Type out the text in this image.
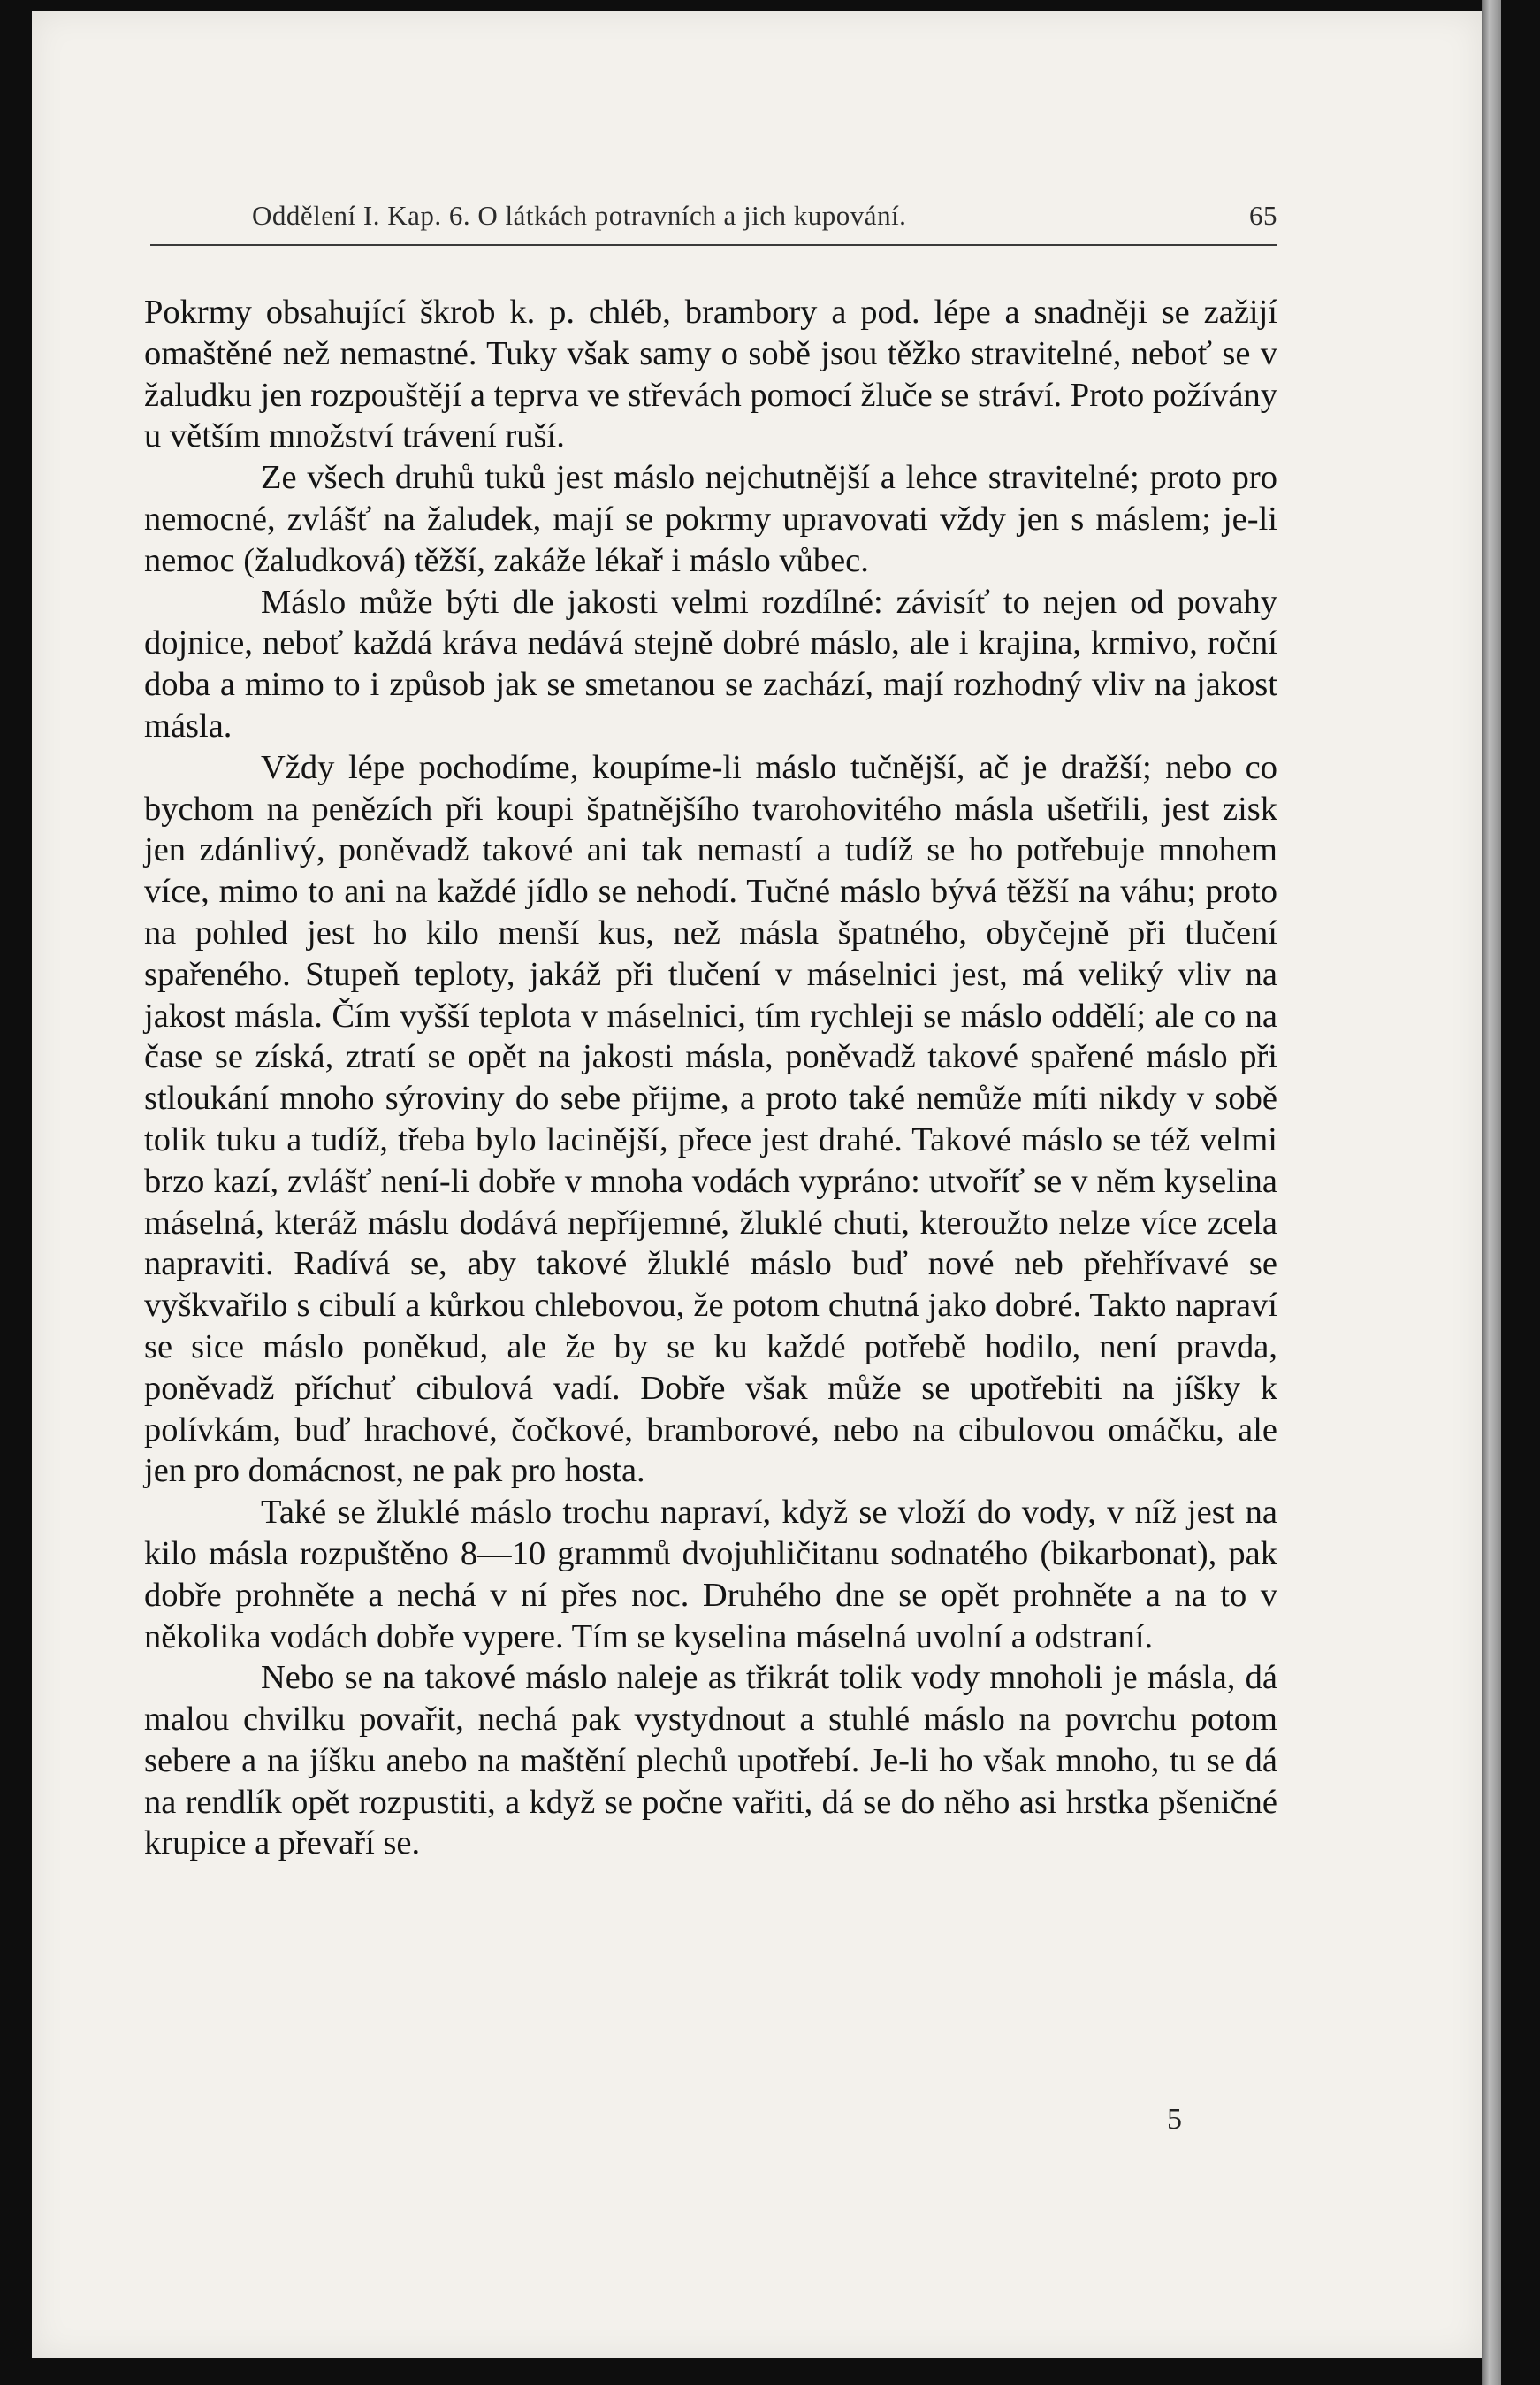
Oddělení I. Kap. 6. O látkách potravních a jich kupování.	65

Pokrmy obsahující škrob k. p. chléb, brambory a pod. lépe a snadněji se zažijí omaštěné než nemastné. Tuky však samy o sobě jsou těžko stravitelné, neboť se v žaludku jen rozpouštějí a teprva ve střevách pomocí žluče se stráví. Proto požívány u větším množství trávení ruší.

Ze všech druhů tuků jest máslo nejchutnější a lehce stravitelné; proto pro nemocné, zvlášť na žaludek, mají se pokrmy upravovati vždy jen s máslem; je-li nemoc (žaludková) těžší, zakáže lékař i máslo vůbec.

Máslo může býti dle jakosti velmi rozdílné: závisíť to nejen od povahy dojnice, neboť každá kráva nedává stejně dobré máslo, ale i krajina, krmivo, roční doba a mimo to i způsob jak se smetanou se zachází, mají rozhodný vliv na jakost másla.

Vždy lépe pochodíme, koupíme-li máslo tučnější, ač je dražší; nebo co bychom na penězích při koupi špatnějšího tvarohovitého másla ušetřili, jest zisk jen zdánlivý, poněvadž takové ani tak nemastí a tudíž se ho potřebuje mnohem více, mimo to ani na každé jídlo se nehodí. Tučné máslo bývá těžší na váhu; proto na pohled jest ho kilo menší kus, než másla špatného, obyčejně při tlučení spařeného. Stupeň teploty, jakáž při tlučení v máselnici jest, má veliký vliv na jakost másla. Čím vyšší teplota v máselnici, tím rychleji se máslo oddělí; ale co na čase se získá, ztratí se opět na jakosti másla, poněvadž takové spařené máslo při stloukání mnoho sýroviny do sebe přijme, a proto také nemůže míti nikdy v sobě tolik tuku a tudíž, třeba bylo lacinější, přece jest drahé. Takové máslo se též velmi brzo kazí, zvlášť není-li dobře v mnoha vodách vypráno: utvoříť se v něm kyselina máselná, kteráž máslu dodává nepříjemné, žluklé chuti, kteroužto nelze více zcela napraviti. Radívá se, aby takové žluklé máslo buď nové neb přehřívavé se vyškvařilo s cibulí a kůrkou chlebovou, že potom chutná jako dobré. Takto napraví se sice máslo poněkud, ale že by se ku každé potřebě hodilo, není pravda, poněvadž příchuť cibulová vadí. Dobře však může se upotřebiti na jíšky k polívkám, buď hrachové, čočkové, bramborové, nebo na cibulovou omáčku, ale jen pro domácnost, ne pak pro hosta.

Také se žluklé máslo trochu napraví, když se vloží do vody, v níž jest na kilo másla rozpuštěno 8—10 grammů dvojuhličitanu sodnatého (bikarbonat), pak dobře prohněte a nechá v ní přes noc. Druhého dne se opět prohněte a na to v několika vodách dobře vypere. Tím se kyselina máselná uvolní a odstraní.

Nebo se na takové máslo naleje as třikrát tolik vody mnoholi je másla, dá malou chvilku povařit, nechá pak vystydnout a stuhlé máslo na povrchu potom sebere a na jíšku anebo na maštění plechů upotřebí. Je-li ho však mnoho, tu se dá na rendlík opět rozpustiti, a když se počne vařiti, dá se do něho asi hrstka pšeničné krupice a převaří se.

5
